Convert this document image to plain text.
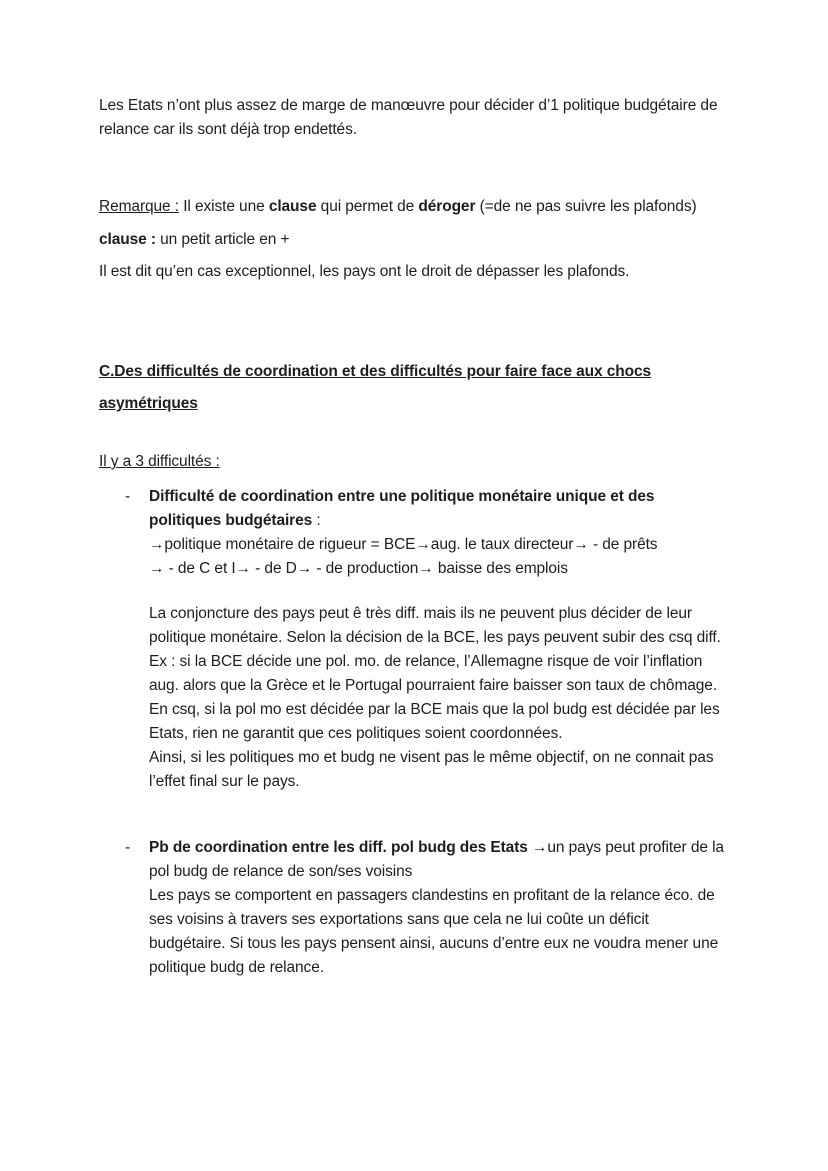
Les Etats n’ont plus assez de marge de manœuvre pour décider d’1 politique budgétaire de relance car ils sont déjà trop endettés.

Remarque : Il existe une clause qui permet de déroger (=de ne pas suivre les plafonds)

clause : un petit article en +

Il est dit qu’en cas exceptionnel, les pays ont le droit de dépasser les plafonds.

C.Des difficultés de coordination et des difficultés pour faire face aux chocs asymétriques

Il y a 3 difficultés :

- Difficulté de coordination entre une politique monétaire unique et des politiques budgétaires :
→politique monétaire de rigueur = BCE→aug. le taux directeur→ - de prêts
→ - de C et I→ - de D→ - de production→ baisse des emplois
La conjoncture des pays peut ê très diff. mais ils ne peuvent plus décider de leur politique monétaire. Selon la décision de la BCE, les pays peuvent subir des csq diff.
Ex : si la BCE décide une pol. mo. de relance, l’Allemagne risque de voir l’inflation aug. alors que la Grèce et le Portugal pourraient faire baisser son taux de chômage.
En csq, si la pol mo est décidée par la BCE mais que la pol budg est décidée par les Etats, rien ne garantit que ces politiques soient coordonnées.
Ainsi, si les politiques mo et budg ne visent pas le même objectif, on ne connait pas l’effet final sur le pays.
- Pb de coordination entre les diff. pol budg des Etats →un pays peut profiter de la pol budg de relance de son/ses voisins
Les pays se comportent en passagers clandestins en profitant de la relance éco. de ses voisins à travers ses exportations sans que cela ne lui coûte un déficit budgétaire. Si tous les pays pensent ainsi, aucuns d’entre eux ne voudra mener une politique budg de relance.
